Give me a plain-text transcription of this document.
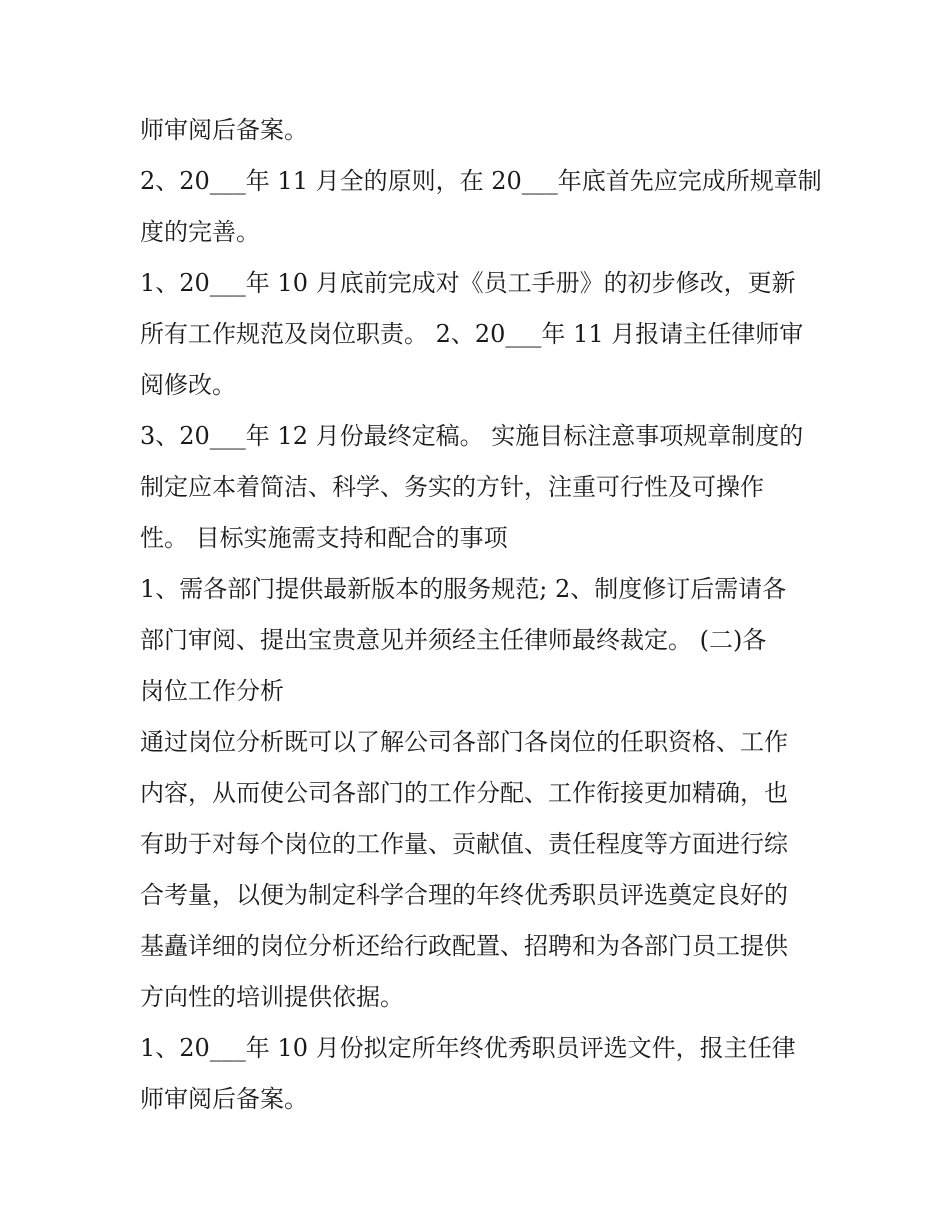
师审阅后备案。
2、20___年 11 月全的原则，在 20___年底首先应完成所规章制
度的完善。
1、20___年 10 月底前完成对《员工手册》的初步修改，更新
所有工作规范及岗位职责。 2、20___年 11 月报请主任律师审
阅修改。
3、20___年 12 月份最终定稿。 实施目标注意事项规章制度的
制定应本着简洁、科学、务实的方针，注重可行性及可操作
性。 目标实施需支持和配合的事项
1、需各部门提供最新版本的服务规范; 2、制度修订后需请各
部门审阅、提出宝贵意见并须经主任律师最终裁定。 (二)各
岗位工作分析
通过岗位分析既可以了解公司各部门各岗位的任职资格、工作
内容，从而使公司各部门的工作分配、工作衔接更加精确，也
有助于对每个岗位的工作量、贡献值、责任程度等方面进行综
合考量，以便为制定科学合理的年终优秀职员评选奠定良好的
基矗详细的岗位分析还给行政配置、招聘和为各部门员工提供
方向性的培训提供依据。
1、20___年 10 月份拟定所年终优秀职员评选文件，报主任律
师审阅后备案。
